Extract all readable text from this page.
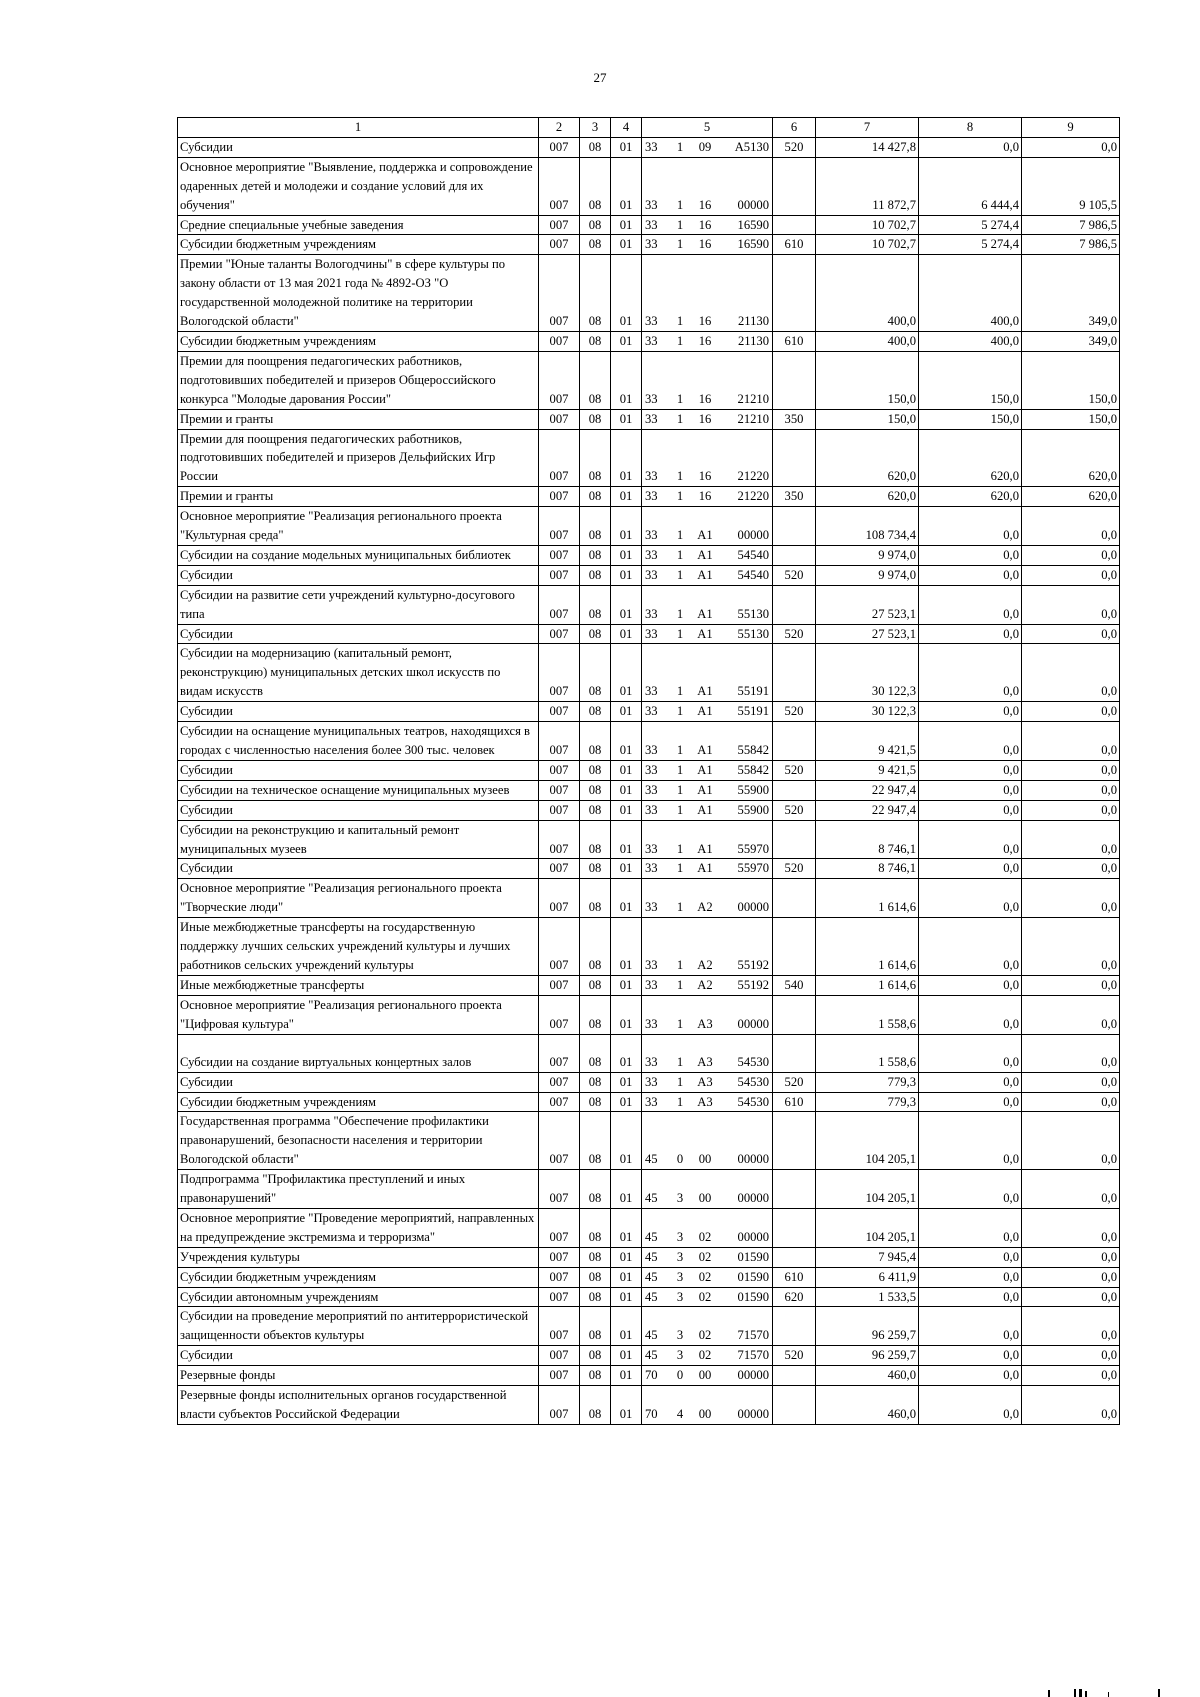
27
1	2	3	4	5	6	7	8	9
Субсидии	007	08	01	33 1 09 A5130	520	14 427,8	0,0	0,0
Основное мероприятие "Выявление, поддержка и сопровождение одаренных детей и молодежи и создание условий для их обучения"	007	08	01	33 1 16 00000		11 872,7	6 444,4	9 105,5
Средние специальные учебные заведения	007	08	01	33 1 16 16590		10 702,7	5 274,4	7 986,5
Субсидии бюджетным учреждениям	007	08	01	33 1 16 16590	610	10 702,7	5 274,4	7 986,5
Премии "Юные таланты Вологодчины" в сфере культуры по закону области от 13 мая 2021 года № 4892-ОЗ "О государственной молодежной политике на территории Вологодской области"	007	08	01	33 1 16 21130		400,0	400,0	349,0
Субсидии бюджетным учреждениям	007	08	01	33 1 16 21130	610	400,0	400,0	349,0
Премии для поощрения педагогических работников, подготовивших победителей и призеров Общероссийского конкурса "Молодые дарования России"	007	08	01	33 1 16 21210		150,0	150,0	150,0
Премии и гранты	007	08	01	33 1 16 21210	350	150,0	150,0	150,0
Премии для поощрения педагогических работников, подготовивших победителей и призеров Дельфийских Игр России	007	08	01	33 1 16 21220		620,0	620,0	620,0
Премии и гранты	007	08	01	33 1 16 21220	350	620,0	620,0	620,0
Основное мероприятие "Реализация регионального проекта "Культурная среда"	007	08	01	33 1 A1 00000		108 734,4	0,0	0,0
Субсидии на создание модельных муниципальных библиотек	007	08	01	33 1 A1 54540		9 974,0	0,0	0,0
Субсидии	007	08	01	33 1 A1 54540	520	9 974,0	0,0	0,0
Субсидии на развитие сети учреждений культурно-досугового типа	007	08	01	33 1 A1 55130		27 523,1	0,0	0,0
Субсидии	007	08	01	33 1 A1 55130	520	27 523,1	0,0	0,0
Субсидии на модернизацию (капитальный ремонт, реконструкцию) муниципальных детских школ искусств по видам искусств	007	08	01	33 1 A1 55191		30 122,3	0,0	0,0
Субсидии	007	08	01	33 1 A1 55191	520	30 122,3	0,0	0,0
Субсидии на оснащение муниципальных театров, находящихся в городах с численностью населения более 300 тыс. человек	007	08	01	33 1 A1 55842		9 421,5	0,0	0,0
Субсидии	007	08	01	33 1 A1 55842	520	9 421,5	0,0	0,0
Субсидии на техническое оснащение муниципальных музеев	007	08	01	33 1 A1 55900		22 947,4	0,0	0,0
Субсидии	007	08	01	33 1 A1 55900	520	22 947,4	0,0	0,0
Субсидии на реконструкцию и капитальный ремонт муниципальных музеев	007	08	01	33 1 A1 55970		8 746,1	0,0	0,0
Субсидии	007	08	01	33 1 A1 55970	520	8 746,1	0,0	0,0
Основное мероприятие "Реализация регионального проекта "Творческие люди"	007	08	01	33 1 A2 00000		1 614,6	0,0	0,0
Иные межбюджетные трансферты на государственную поддержку лучших сельских учреждений культуры и лучших работников сельских учреждений культуры	007	08	01	33 1 A2 55192		1 614,6	0,0	0,0
Иные межбюджетные трансферты	007	08	01	33 1 A2 55192	540	1 614,6	0,0	0,0
Основное мероприятие "Реализация регионального проекта "Цифровая культура"	007	08	01	33 1 A3 00000		1 558,6	0,0	0,0
Субсидии на создание виртуальных концертных залов	007	08	01	33 1 A3 54530		1 558,6	0,0	0,0
Субсидии	007	08	01	33 1 A3 54530	520	779,3	0,0	0,0
Субсидии бюджетным учреждениям	007	08	01	33 1 A3 54530	610	779,3	0,0	0,0
Государственная программа "Обеспечение профилактики правонарушений, безопасности населения и территории Вологодской области"	007	08	01	45 0 00 00000		104 205,1	0,0	0,0
Подпрограмма "Профилактика преступлений и иных правонарушений"	007	08	01	45 3 00 00000		104 205,1	0,0	0,0
Основное мероприятие "Проведение мероприятий, направленных на предупреждение экстремизма и терроризма"	007	08	01	45 3 02 00000		104 205,1	0,0	0,0
Учреждения культуры	007	08	01	45 3 02 01590		7 945,4	0,0	0,0
Субсидии бюджетным учреждениям	007	08	01	45 3 02 01590	610	6 411,9	0,0	0,0
Субсидии автономным учреждениям	007	08	01	45 3 02 01590	620	1 533,5	0,0	0,0
Субсидии на проведение мероприятий по антитеррористической защищенности объектов культуры	007	08	01	45 3 02 71570		96 259,7	0,0	0,0
Субсидии	007	08	01	45 3 02 71570	520	96 259,7	0,0	0,0
Резервные фонды	007	08	01	70 0 00 00000		460,0	0,0	0,0
Резервные фонды исполнительных органов государственной власти субъектов Российской Федерации	007	08	01	70 4 00 00000		460,0	0,0	0,0
